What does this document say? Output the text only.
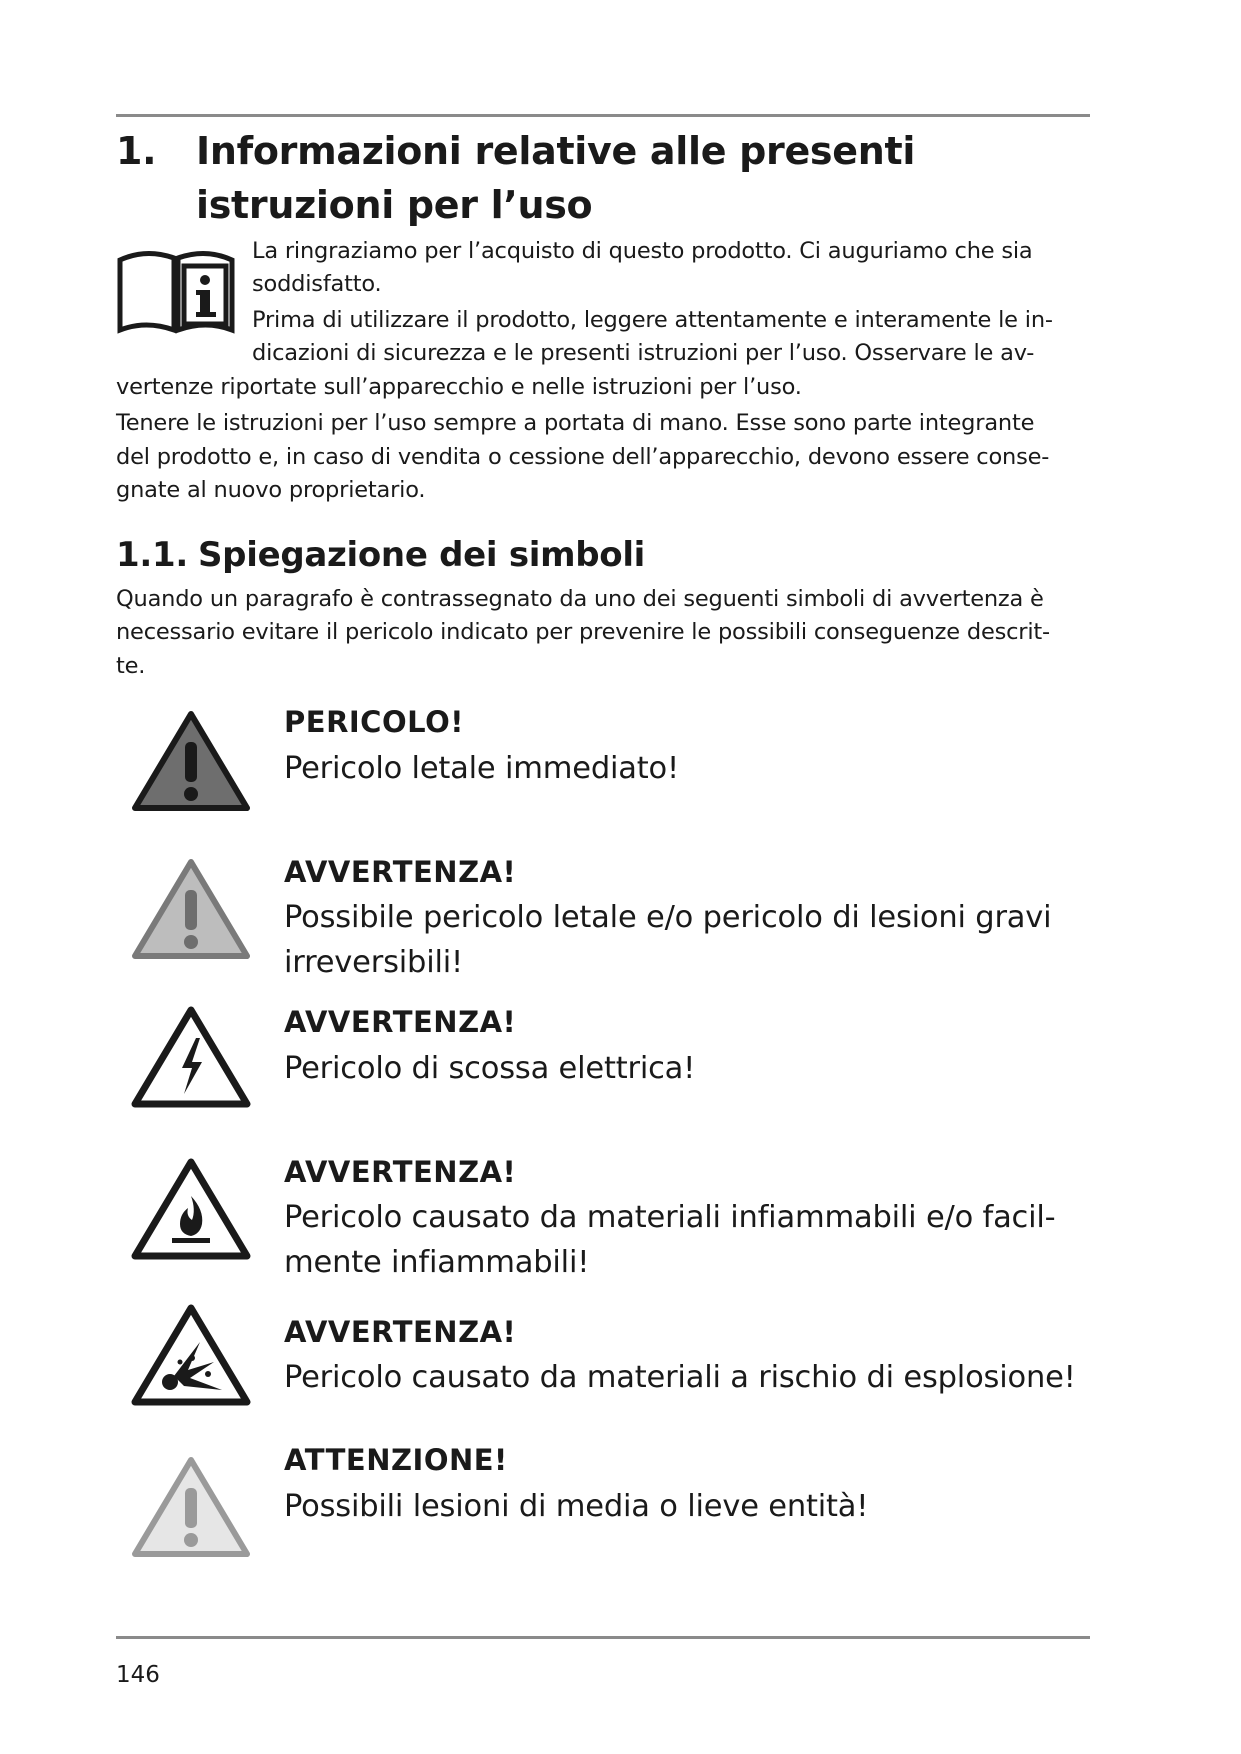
1. Informazioni relative alle presenti
istruzioni per l’uso

La ringraziamo per l’acquisto di questo prodotto. Ci auguriamo che sia

soddisfatto.

Prima di utilizzare il prodotto, leggere attentamente e interamente le in-

dicazioni di sicurezza e le presenti istruzioni per l’uso. Osservare le av-

vertenze riportate sull’apparecchio e nelle istruzioni per l’uso.

Tenere le istruzioni per l’uso sempre a portata di mano. Esse sono parte integrante

del prodotto e, in caso di vendita o cessione dell’apparecchio, devono essere conse-

gnate al nuovo proprietario.

1.1. Spiegazione dei simboli

Quando un paragrafo è contrassegnato da uno dei seguenti simboli di avvertenza è

necessario evitare il pericolo indicato per prevenire le possibili conseguenze descrit-

te.

PERICOLO!

Pericolo letale immediato!

AVVERTENZA!

Possibile pericolo letale e/o pericolo di lesioni gravi

irreversibili!

AVVERTENZA!

Pericolo di scossa elettrica!

AVVERTENZA!

Pericolo causato da materiali infiammabili e/o facil-

mente infiammabili!

AVVERTENZA!

Pericolo causato da materiali a rischio di esplosione!

ATTENZIONE!

Possibili lesioni di media o lieve entità!

146
